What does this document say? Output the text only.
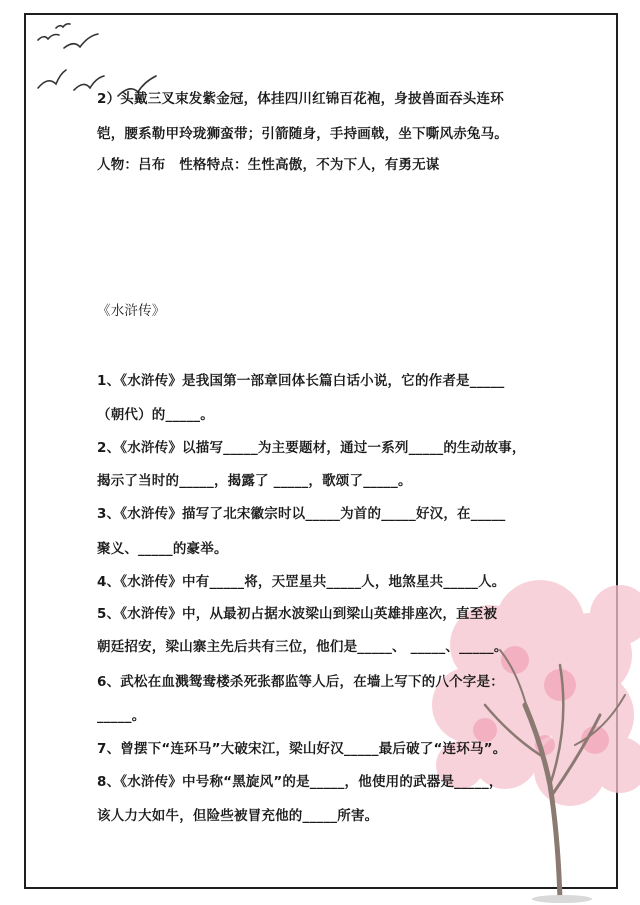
2）头戴三叉束发紫金冠，体挂四川红锦百花袍，身披兽面吞头连环
铠，腰系勒甲玲珑狮蛮带；引箭随身，手持画戟，坐下嘶风赤兔马。
人物：吕布　性格特点：生性高傲，不为下人，有勇无谋
《水浒传》
1、《水浒传》是我国第一部章回体长篇白话小说，它的作者是_____
（朝代）的_____。
2、《水浒传》以描写_____为主要题材，通过一系列_____的生动故事，
揭示了当时的_____，揭露了 _____，歌颂了_____。
3、《水浒传》描写了北宋徽宗时以_____为首的_____好汉，在_____
聚义、_____的豪举。
4、《水浒传》中有_____将，天罡星共_____人，地煞星共_____人。
5、《水浒传》中，从最初占据水波梁山到梁山英雄排座次，直至被
朝廷招安，梁山寨主先后共有三位，他们是_____、 _____、_____。
6、武松在血溅鸳鸯楼杀死张都监等人后，在墙上写下的八个字是：
_____。
7、曾摆下“连环马”大破宋江，梁山好汉_____最后破了“连环马”。
8、《水浒传》中号称“黑旋风”的是_____，他使用的武器是_____，
该人力大如牛，但险些被冒充他的_____所害。
